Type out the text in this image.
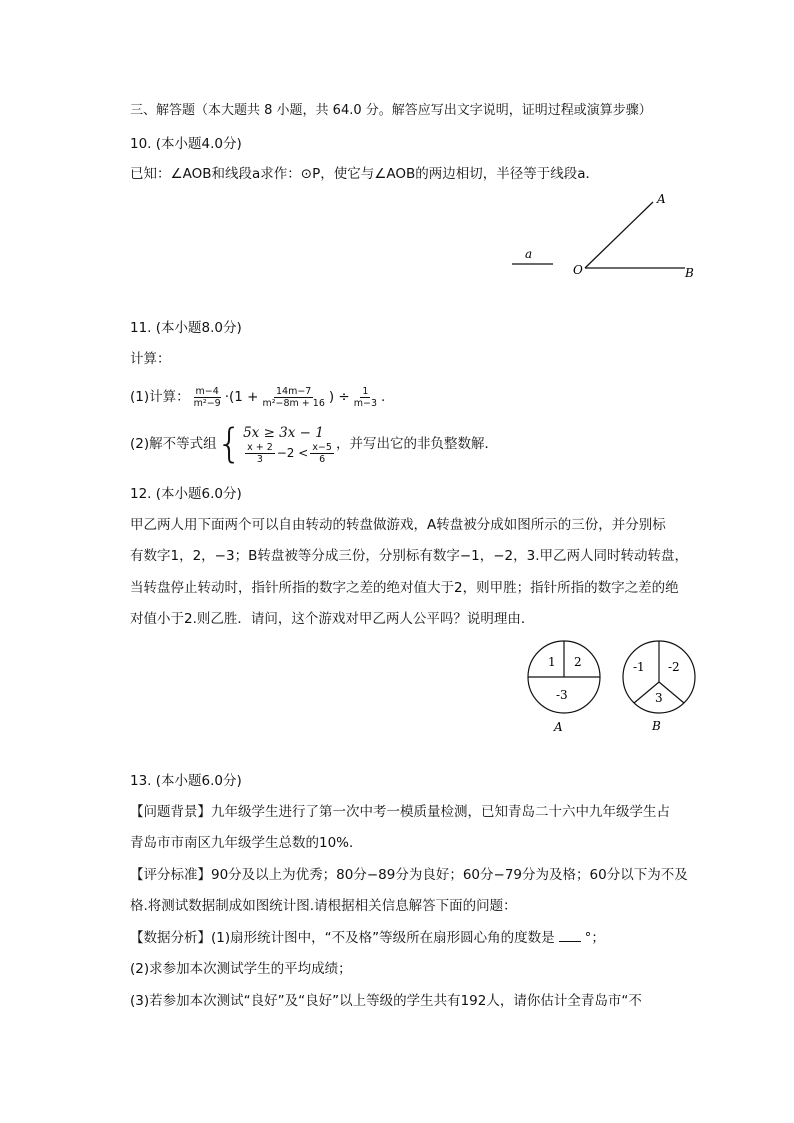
三、解答题（本大题共 8 小题，共 64.0 分。解答应写出文字说明，证明过程或演算步骤）
10. (本小题4.0分)
已知：∠AOB和线段a求作：⊙P，使它与∠AOB的两边相切，半径等于线段a．
a
O
A
B
11. (本小题8.0分)
计算：
(1)计算： $\frac{m-4}{\text{m²−9}} \cdot(1 + \frac{14m-7}{\text{m²−8m + 16}}$ ) ÷ $\frac{1}{m-3}$ .
(2)解不等式组 { 5x ≥ 3x − 1
$\frac{x + 2}{3} -2 < \frac{x-5}{6}$ ，并写出它的非负整数解．
12. (本小题6.0分)
甲乙两人用下面两个可以自由转动的转盘做游戏，A转盘被分成如图所示的三份，并分别标
有数字1，2，−3；B转盘被等分成三份，分别标有数字−1，−2，3.甲乙两人同时转动转盘，
当转盘停止转动时，指针所指的数字之差的绝对值大于2，则甲胜；指针所指的数字之差的绝
对值小于2.则乙胜．请问，这个游戏对甲乙两人公平吗？说明理由．
1 2
-3
A
-1 -2
3
B
13. (本小题6.0分)
【问题背景】九年级学生进行了第一次中考一模质量检测，已知青岛二十六中九年级学生占
青岛市市南区九年级学生总数的10%．
【评分标准】90分及以上为优秀；80分−89分为良好；60分−79分为及格；60分以下为不及
格.将测试数据制成如图统计图.请根据相关信息解答下面的问题：
【数据分析】(1)扇形统计图中，“不及格”等级所在扇形圆心角的度数是 °；
(2)求参加本次测试学生的平均成绩；
(3)若参加本次测试“良好”及“良好”以上等级的学生共有192人，请你估计全青岛市“不
